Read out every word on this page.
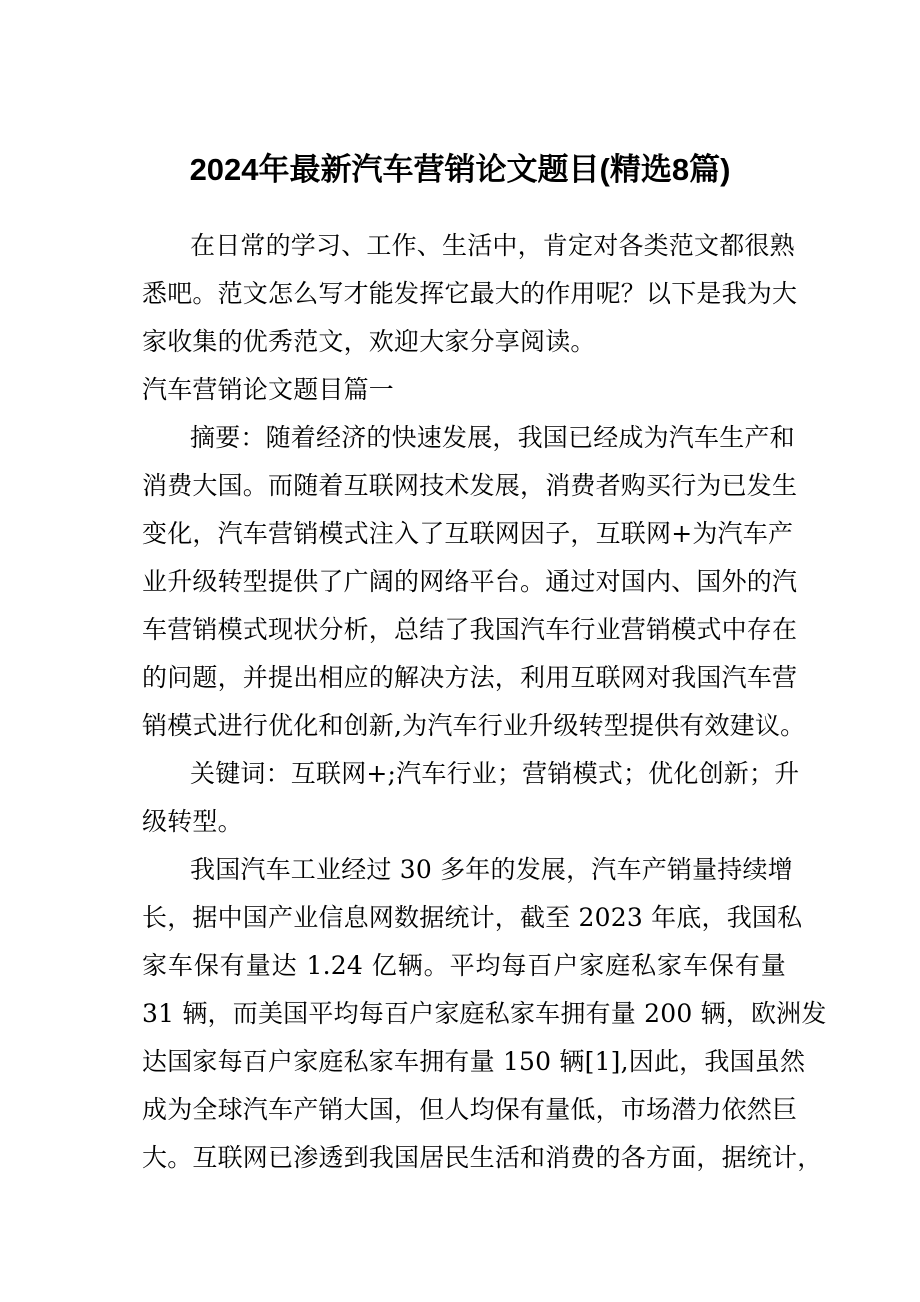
2024年最新汽车营销论文题目(精选8篇)
在日常的学习、工作、生活中，肯定对各类范文都很熟
悉吧。范文怎么写才能发挥它最大的作用呢？以下是我为大
家收集的优秀范文，欢迎大家分享阅读。
汽车营销论文题目篇一
摘要：随着经济的快速发展，我国已经成为汽车生产和
消费大国。而随着互联网技术发展，消费者购买行为已发生
变化，汽车营销模式注入了互联网因子，互联网+为汽车产
业升级转型提供了广阔的网络平台。通过对国内、国外的汽
车营销模式现状分析，总结了我国汽车行业营销模式中存在
的问题，并提出相应的解决方法，利用互联网对我国汽车营
销模式进行优化和创新,为汽车行业升级转型提供有效建议。
关键词：互联网+;汽车行业；营销模式；优化创新；升
级转型。
我国汽车工业经过 30 多年的发展，汽车产销量持续增
长，据中国产业信息网数据统计，截至 2023 年底，我国私
家车保有量达 1.24 亿辆。平均每百户家庭私家车保有量
31 辆，而美国平均每百户家庭私家车拥有量 200 辆，欧洲发
达国家每百户家庭私家车拥有量 150 辆[1],因此，我国虽然
成为全球汽车产销大国，但人均保有量低，市场潜力依然巨
大。互联网已渗透到我国居民生活和消费的各方面，据统计，
